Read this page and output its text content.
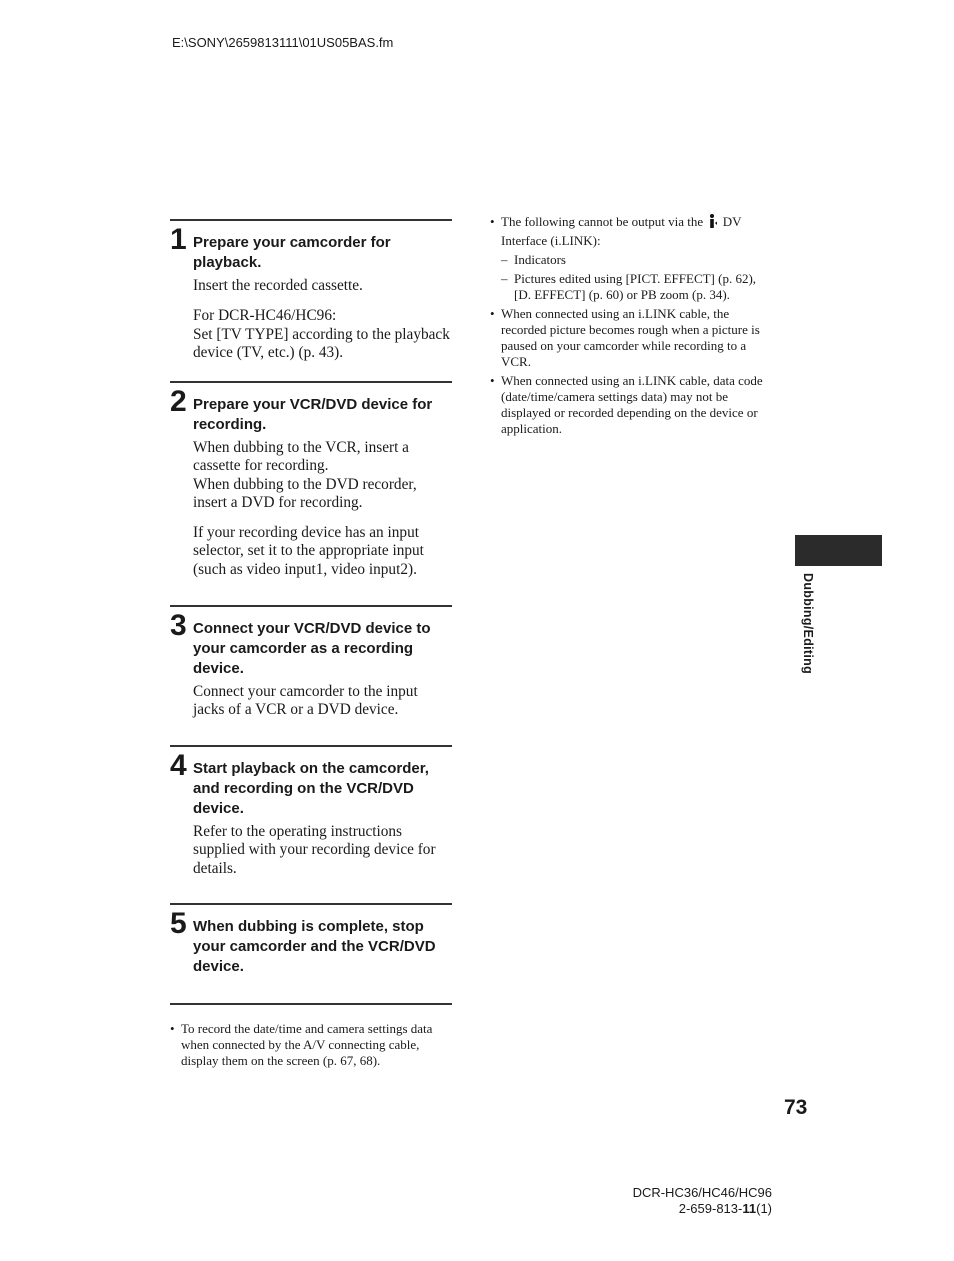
E:\SONY\2659813111\01US05BAS.fm
1 Prepare your camcorder for playback.

Insert the recorded cassette.

For DCR-HC46/HC96:
Set [TV TYPE] according to the playback device (TV, etc.) (p. 43).

2 Prepare your VCR/DVD device for recording.

When dubbing to the VCR, insert a cassette for recording.
When dubbing to the DVD recorder, insert a DVD for recording.

If your recording device has an input selector, set it to the appropriate input (such as video input1, video input2).

3 Connect your VCR/DVD device to your camcorder as a recording device.

Connect your camcorder to the input jacks of a VCR or a DVD device.

4 Start playback on the camcorder, and recording on the VCR/DVD device.

Refer to the operating instructions supplied with your recording device for details.

5 When dubbing is complete, stop your camcorder and the VCR/DVD device.
• To record the date/time and camera settings data when connected by the A/V connecting cable, display them on the screen (p. 67, 68).
• The following cannot be output via the DV Interface (i.LINK):
– Indicators
– Pictures edited using [PICT. EFFECT] (p. 62), [D. EFFECT] (p. 60) or PB zoom (p. 34).
• When connected using an i.LINK cable, the recorded picture becomes rough when a picture is paused on your camcorder while recording to a VCR.
• When connected using an i.LINK cable, data code (date/time/camera settings data) may not be displayed or recorded depending on the device or application.
Dubbing/Editing
73
DCR-HC36/HC46/HC96
2-659-813-11(1)
